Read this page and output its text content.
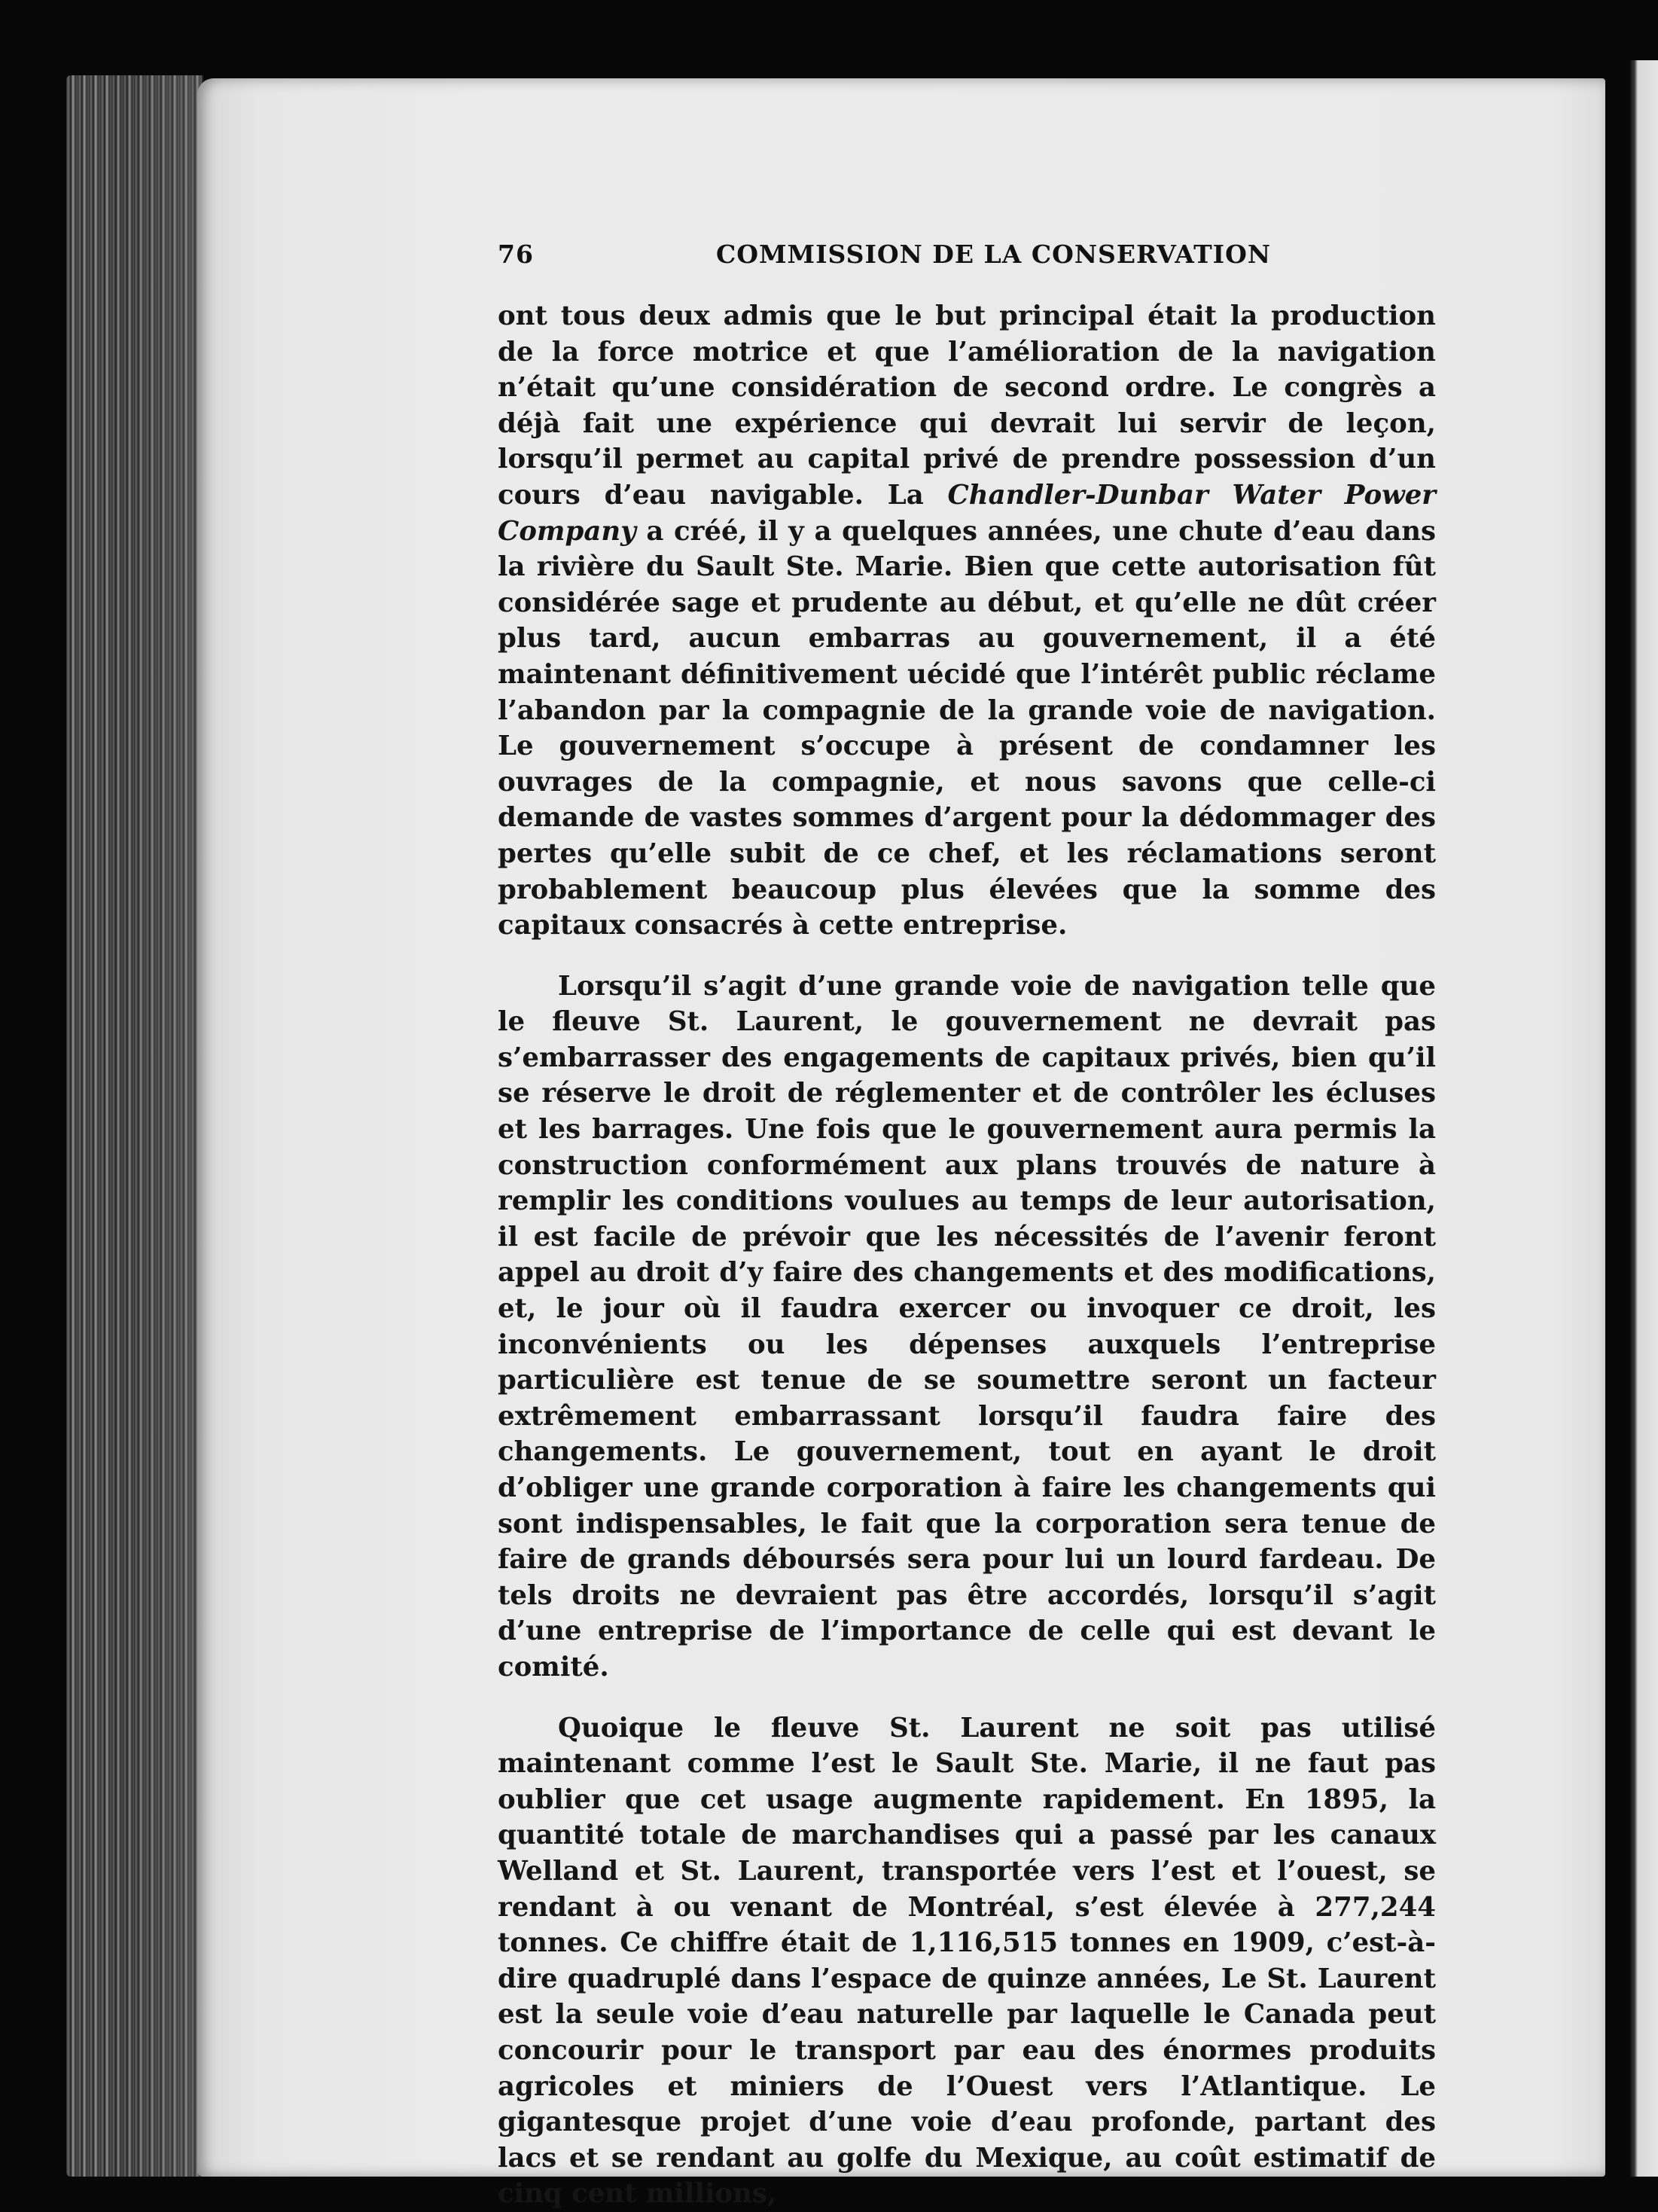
76	COMMISSION DE LA CONSERVATION

ont tous deux admis que le but principal était la production de la force motrice et que l’amélioration de la navigation n’était qu’une considération de second ordre. Le congrès a déjà fait une expérience qui devrait lui servir de leçon, lorsqu’il permet au capital privé de prendre possession d’un cours d’eau navigable. La Chandler-Dunbar Water Power Company a créé, il y a quelques années, une chute d’eau dans la rivière du Sault Ste. Marie. Bien que cette autorisation fût considérée sage et prudente au début, et qu’elle ne dût créer plus tard, aucun embarras au gouvernement, il a été maintenant définitivement uécidé que l’intérêt public réclame l’abandon par la compagnie de la grande voie de navigation. Le gouvernement s’occupe à présent de condamner les ouvrages de la compagnie, et nous savons que celle-ci demande de vastes sommes d’argent pour la dédommager des pertes qu’elle subit de ce chef, et les réclamations seront probablement beaucoup plus élevées que la somme des capitaux consacrés à cette entreprise.

Lorsqu’il s’agit d’une grande voie de navigation telle que le fleuve St. Laurent, le gouvernement ne devrait pas s’embarrasser des engagements de capitaux privés, bien qu’il se réserve le droit de réglementer et de contrôler les écluses et les barrages. Une fois que le gouvernement aura permis la construction conformément aux plans trouvés de nature à remplir les conditions voulues au temps de leur autorisation, il est facile de prévoir que les nécessités de l’avenir feront appel au droit d’y faire des changements et des modifications, et, le jour où il faudra exercer ou invoquer ce droit, les inconvénients ou les dépenses auxquels l’entreprise particulière est tenue de se soumettre seront un facteur extrêmement embarrassant lorsqu’il faudra faire des changements. Le gouvernement, tout en ayant le droit d’obliger une grande corporation à faire les changements qui sont indispensables, le fait que la corporation sera tenue de faire de grands déboursés sera pour lui un lourd fardeau. De tels droits ne devraient pas être accordés, lorsqu’il s’agit d’une entreprise de l’importance de celle qui est devant le comité.

Quoique le fleuve St. Laurent ne soit pas utilisé maintenant comme l’est le Sault Ste. Marie, il ne faut pas oublier que cet usage augmente rapidement. En 1895, la quantité totale de marchandises qui a passé par les canaux Welland et St. Laurent, transportée vers l’est et l’ouest, se rendant à ou venant de Montréal, s’est élevée à 277,244 tonnes. Ce chiffre était de 1,116,515 tonnes en 1909, c’est-à-dire quadruplé dans l’espace de quinze années, Le St. Laurent est la seule voie d’eau naturelle par laquelle le Canada peut concourir pour le transport par eau des énormes produits agricoles et miniers de l’Ouest vers l’Atlantique. Le gigantesque projet d’une voie d’eau profonde, partant des lacs et se rendant au golfe du Mexique, au coût estimatif de cinq cent millions,
